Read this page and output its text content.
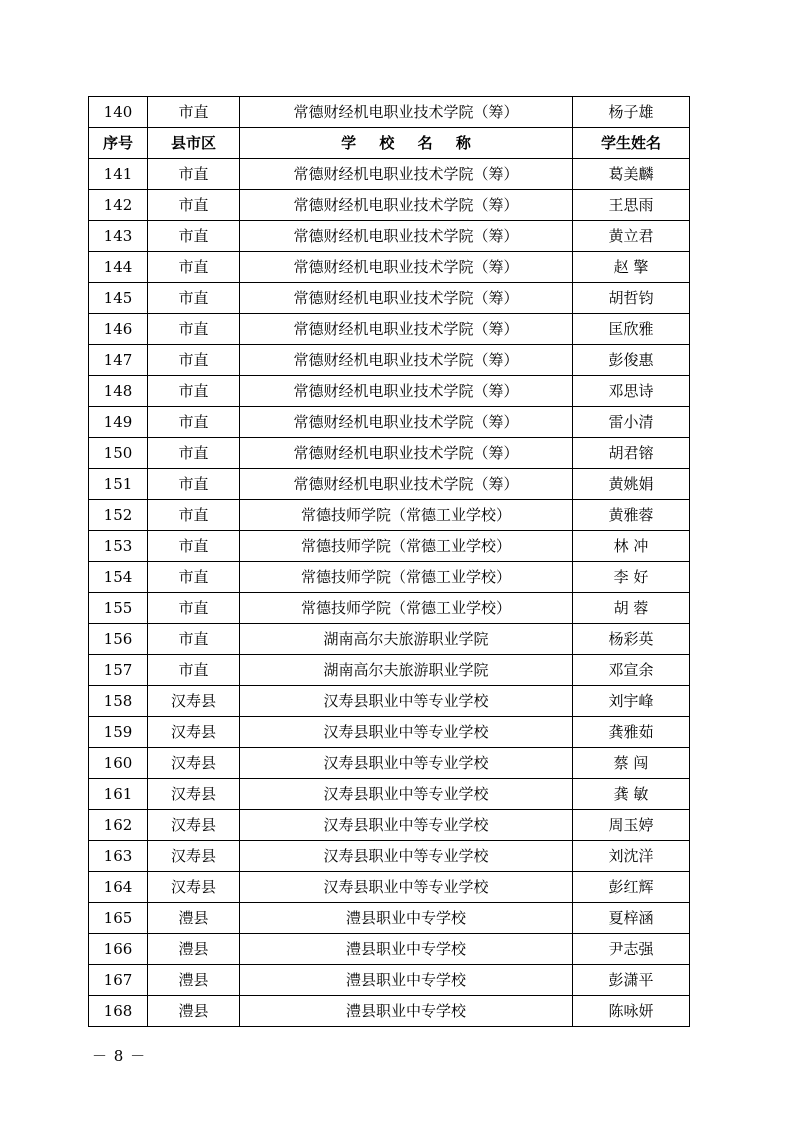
140	市直	常德财经机电职业技术学院（筹）	杨子雄
序号	县市区	学 校 名 称	学生姓名
141	市直	常德财经机电职业技术学院（筹）	葛美麟
142	市直	常德财经机电职业技术学院（筹）	王思雨
143	市直	常德财经机电职业技术学院（筹）	黄立君
144	市直	常德财经机电职业技术学院（筹）	赵 擎
145	市直	常德财经机电职业技术学院（筹）	胡哲钧
146	市直	常德财经机电职业技术学院（筹）	匡欣雅
147	市直	常德财经机电职业技术学院（筹）	彭俊惠
148	市直	常德财经机电职业技术学院（筹）	邓思诗
149	市直	常德财经机电职业技术学院（筹）	雷小清
150	市直	常德财经机电职业技术学院（筹）	胡君镕
151	市直	常德财经机电职业技术学院（筹）	黄姚娟
152	市直	常德技师学院（常德工业学校）	黄雅蓉
153	市直	常德技师学院（常德工业学校）	林 冲
154	市直	常德技师学院（常德工业学校）	李 好
155	市直	常德技师学院（常德工业学校）	胡 蓉
156	市直	湖南高尔夫旅游职业学院	杨彩英
157	市直	湖南高尔夫旅游职业学院	邓宣余
158	汉寿县	汉寿县职业中等专业学校	刘宇峰
159	汉寿县	汉寿县职业中等专业学校	龚雅茹
160	汉寿县	汉寿县职业中等专业学校	蔡 闯
161	汉寿县	汉寿县职业中等专业学校	龚 敏
162	汉寿县	汉寿县职业中等专业学校	周玉婷
163	汉寿县	汉寿县职业中等专业学校	刘沈洋
164	汉寿县	汉寿县职业中等专业学校	彭红辉
165	澧县	澧县职业中专学校	夏梓涵
166	澧县	澧县职业中专学校	尹志强
167	澧县	澧县职业中专学校	彭潇平
168	澧县	澧县职业中专学校	陈咏妍
－ 8 －
